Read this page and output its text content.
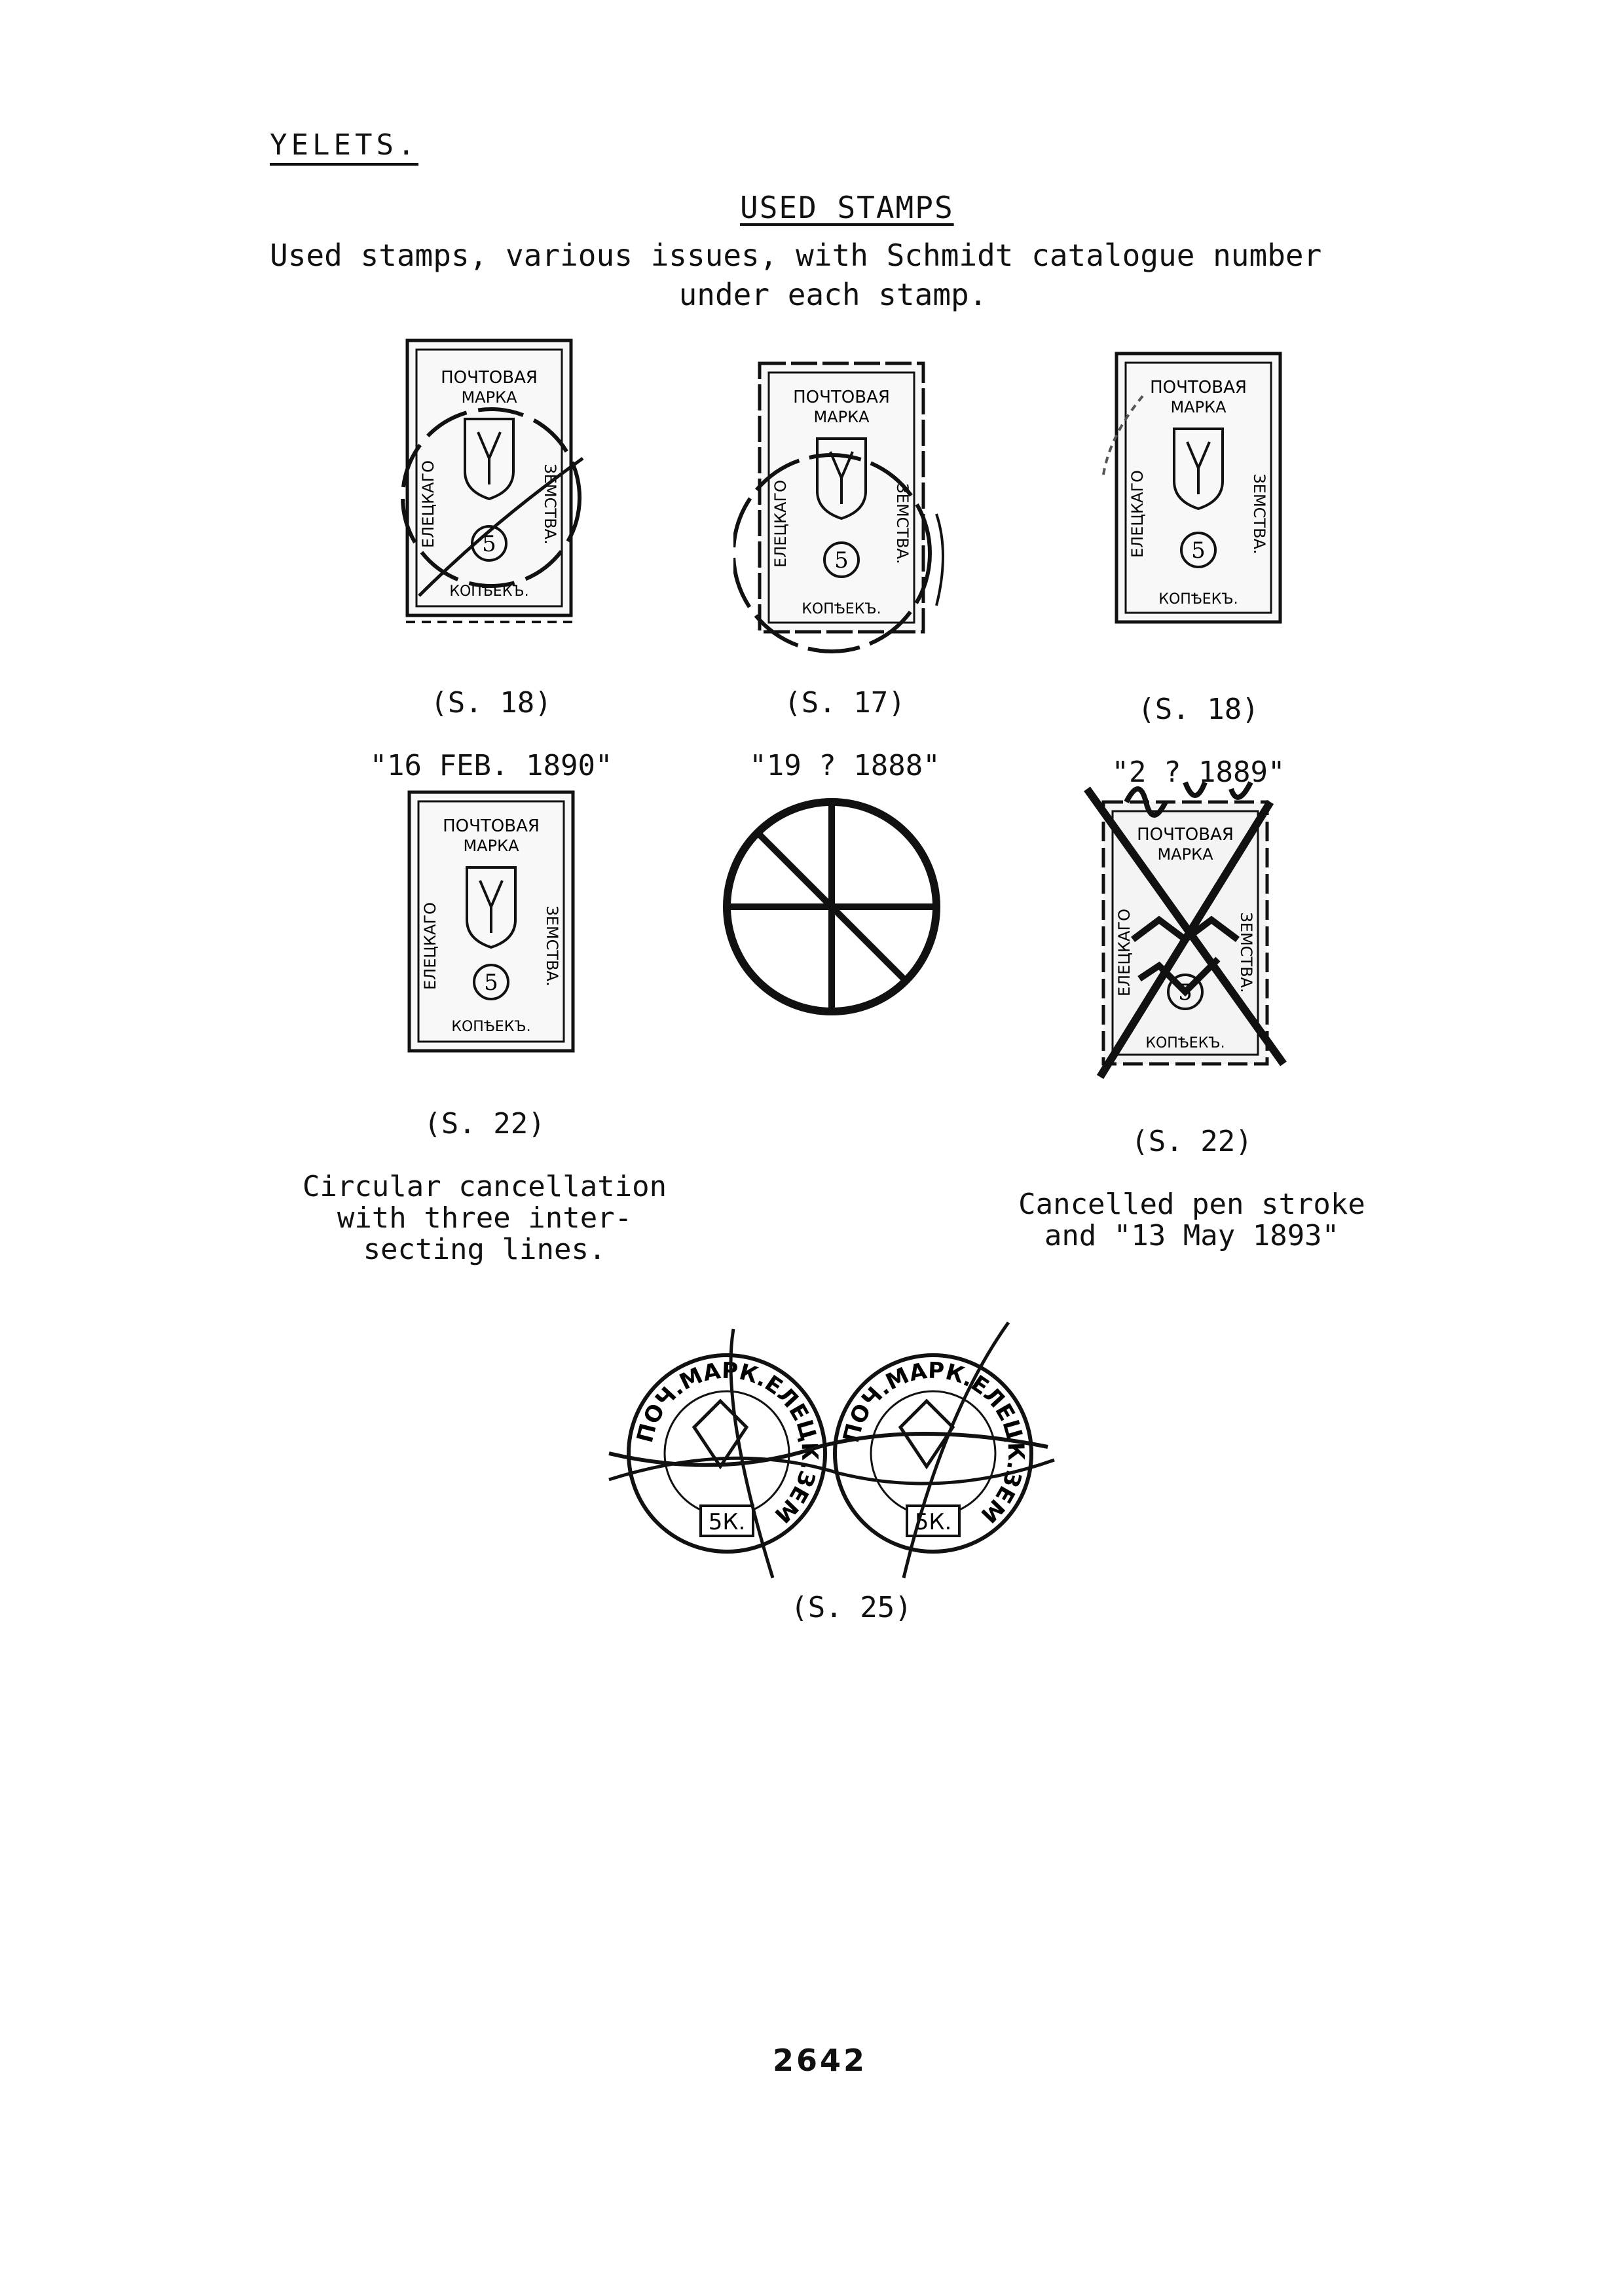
YELETS.
USED STAMPS
Used stamps, various issues, with Schmidt catalogue number
under each stamp.
ПОЧТОВАЯ
МАРКА
ЕЛЕЦКАГО	ЗЕМСТВА.
5
КОПѢЕКЪ.

(S. 18)

"16 FEB. 1890"

ПОЧТОВАЯ
МАРКА
ЕЛЕЦКАГО	ЗЕМСТВА.
5
КОПѢЕКЪ.

(S. 17)

"19 ? 1888"

ПОЧТОВАЯ
МАРКА
ЕЛЕЦКАГО	ЗЕМСТВА.
5
КОПѢЕКЪ.

(S. 18)

"2 ? 1889"

ПОЧТОВАЯ
МАРКА
ЕЛЕЦКАГО	ЗЕМСТВА.
5
КОПѢЕКЪ.

(S. 22)

Circular cancellation
with three inter-
secting lines.

ПОЧТОВАЯ
МАРКА
ЕЛЕЦКАГО	ЗЕМСТВА.
5
КОПѢЕКЪ.

(S. 22)

Cancelled pen stroke
and "13 May 1893"

ПОЧ.МАРК.ЕЛЕЦК.ЗЕМ
5К.
ПОЧ.МАРК.ЕЛЕЦК.ЗЕМ
5К.
(S. 25)
2642
